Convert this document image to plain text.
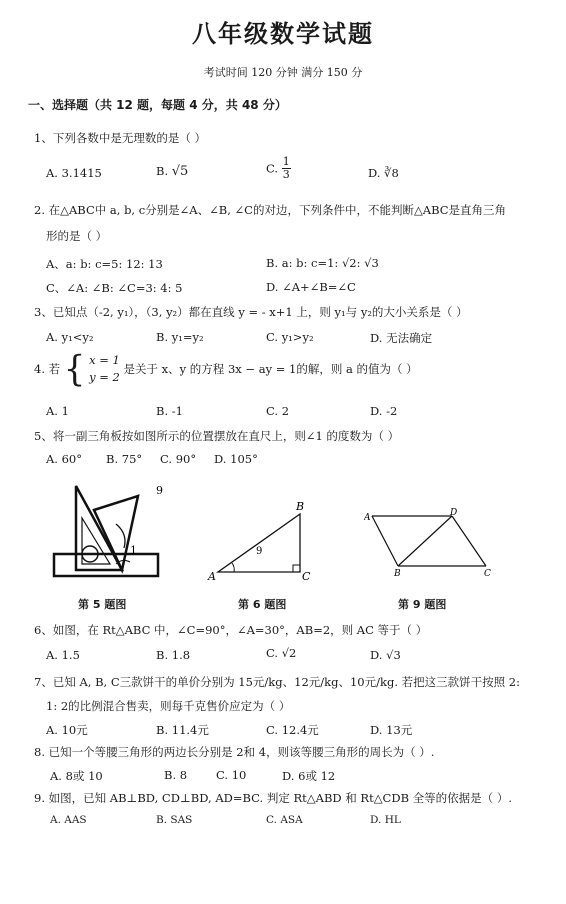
八年级数学试题
考试时间 120 分钟 满分 150 分
一、选择题（共 12 题，每题 4 分，共 48 分）
1、下列各数中是无理数的是（ ）
A. 3.1415	B. √5	C. $\frac{1}{3}$	D. ∛8
2. 在△ABC中 a, b, c分别是∠A、∠B, ∠C的对边，下列条件中，不能判断△ABC是直角三角
形的是（ ）
A、a: b: c=5: 12: 13	B. a: b: c=1: √2: √3
C、∠A: ∠B: ∠C=3: 4: 5	D. ∠A+∠B=∠C
3、已知点（-2, y₁），（3, y₂）都在直线 y = - x+1 上，则 y₁与 y₂的大小关系是（ ）
A. y₁<y₂	B. y₁=y₂	C. y₁>y₂	D. 无法确定
4. 若 { x = 1
y = 2
是关于 x、y 的方程 3x − ay = 1的解，则 a 的值为（ ）
A. 1	B. -1	C. 2	D. -2
5、将一副三角板按如图所示的位置摆放在直尺上，则∠1 的度数为（ ）
A. 60° B. 75° C. 90° D. 105°
1
9
第 5 题图
A
B
C
9
第 6 题图
A	D
B	C
第 9 题图
6、如图，在 Rt△ABC 中，∠C=90°，∠A=30°，AB=2，则 AC 等于（ ）
A. 1.5	B. 1.8	C. √2	D. √3
7、已知 A, B, C三款饼干的单价分别为 15元/kg、12元/kg、10元/kg. 若把这三款饼干按照 2:
1: 2的比例混合售卖，则每千克售价应定为（ ）
A. 10元	B. 11.4元	C. 12.4元	D. 13元
8. 已知一个等腰三角形的两边长分别是 2和 4，则该等腰三角形的周长为（ ）.
A. 8或 10	B. 8	C. 10	D. 6或 12
9. 如图，已知 AB⊥BD, CD⊥BD, AD=BC. 判定 Rt△ABD 和 Rt△CDB 全等的依据是（ ）.
A. AAS	B. SAS	C. ASA	D. HL
